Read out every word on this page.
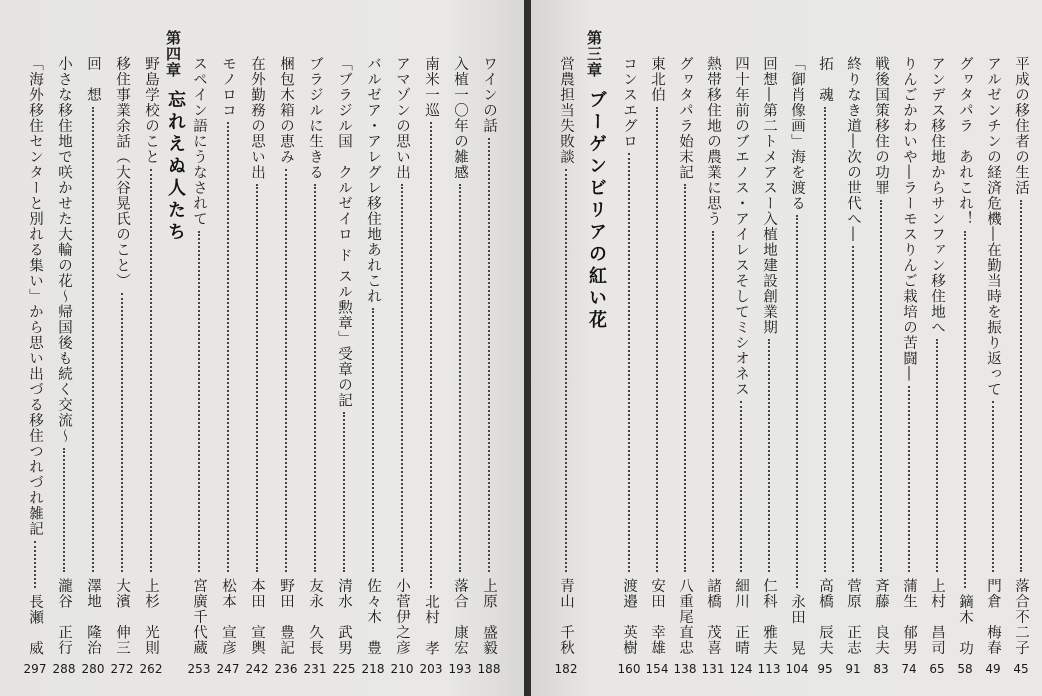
第四章
忘れえぬ人たち	ワインの話
上原　盛毅
188
入植一〇年の雑感
落合　康宏
193
南米一巡
北村　孝
203
アマゾンの思い出
小菅伊之彦
210
バルゼア・アレグレ移住地あれこれ
佐々木　豊
218
「ブラジル国　クルゼイロ ド スル勲章」受章の記
清水　武男
225
ブラジルに生きる
友永　久長
231
梱包木箱の恵み
野田　豊記
236
在外勤務の思い出
本田　宣輿
242
モノロコ
松本　宣彦
247
スペイン語にうなされて
宮廣千代蔵
253
野島学校のこと
上杉　光則
262
移住事業余話（大谷晃氏のこと）
大濱　伸三
272
回　想
澤地　隆治
280
小さな移住地で咲かせた大輪の花～帰国後も続く交流～
瀧谷　正行
288
「海外移住センターと別れる集い」から思い出づる移住つれづれ雑記
長瀬　威
297
第三章
ブーゲンビリアの紅い花	平成の移住者の生活
落合不二子
45
アルゼンチンの経済危機―在勤当時を振り返って
門倉　梅春
49
グヮタパラ　あれこれ！
鏑木　功
58
アンデス移住地からサンファン移住地へ
上村　昌司
65
りんごかわいや―ラーモスりんご栽培の苦闘―
蒲生　郁男
74
戦後国策移住の功罪
斉藤　良夫
83
終りなき道―次の世代へ―
菅原　正志
91
拓　魂
高橋　辰夫
95
「御肖像画」海を渡る
永田　晃
104
回想―第二トメアスー入植地建設創業期
仁科　雅夫
113
四十年前のブエノス・アイレスそしてミシオネス
細川　正晴
124
熱帯移住地の農業に思う
諸橋　茂喜
131
グヮタパラ始末記
八重尾直忠
138
東北伯
安田　幸雄
154
コンスエグロ
渡邉　英樹
160
営農担当失敗談
青山　千秋
182
